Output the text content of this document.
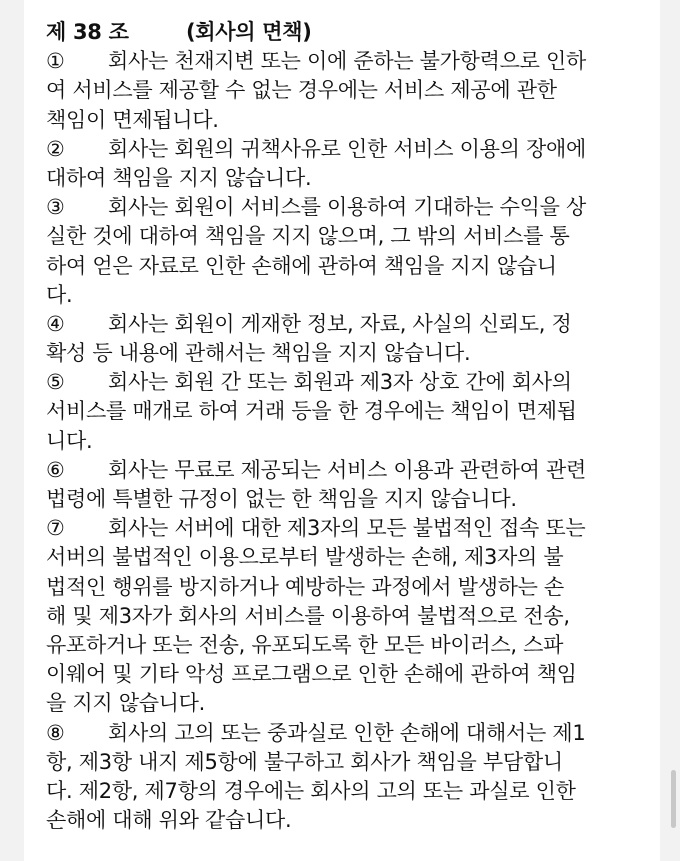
제 38 조	(회사의 면책)
① 회사는 천재지변 또는 이에 준하는 불가항력으로 인하
여 서비스를 제공할 수 없는 경우에는 서비스 제공에 관한
책임이 면제됩니다.
② 회사는 회원의 귀책사유로 인한 서비스 이용의 장애에
대하여 책임을 지지 않습니다.
③ 회사는 회원이 서비스를 이용하여 기대하는 수익을 상
실한 것에 대하여 책임을 지지 않으며, 그 밖의 서비스를 통
하여 얻은 자료로 인한 손해에 관하여 책임을 지지 않습니
다.
④ 회사는 회원이 게재한 정보, 자료, 사실의 신뢰도, 정
확성 등 내용에 관해서는 책임을 지지 않습니다.
⑤ 회사는 회원 간 또는 회원과 제3자 상호 간에 회사의
서비스를 매개로 하여 거래 등을 한 경우에는 책임이 면제됩
니다.
⑥ 회사는 무료로 제공되는 서비스 이용과 관련하여 관련
법령에 특별한 규정이 없는 한 책임을 지지 않습니다.
⑦ 회사는 서버에 대한 제3자의 모든 불법적인 접속 또는
서버의 불법적인 이용으로부터 발생하는 손해, 제3자의 불
법적인 행위를 방지하거나 예방하는 과정에서 발생하는 손
해 및 제3자가 회사의 서비스를 이용하여 불법적으로 전송,
유포하거나 또는 전송, 유포되도록 한 모든 바이러스, 스파
이웨어 및 기타 악성 프로그램으로 인한 손해에 관하여 책임
을 지지 않습니다.
⑧ 회사의 고의 또는 중과실로 인한 손해에 대해서는 제1
항, 제3항 내지 제5항에 불구하고 회사가 책임을 부담합니
다. 제2항, 제7항의 경우에는 회사의 고의 또는 과실로 인한
손해에 대해 위와 같습니다.
